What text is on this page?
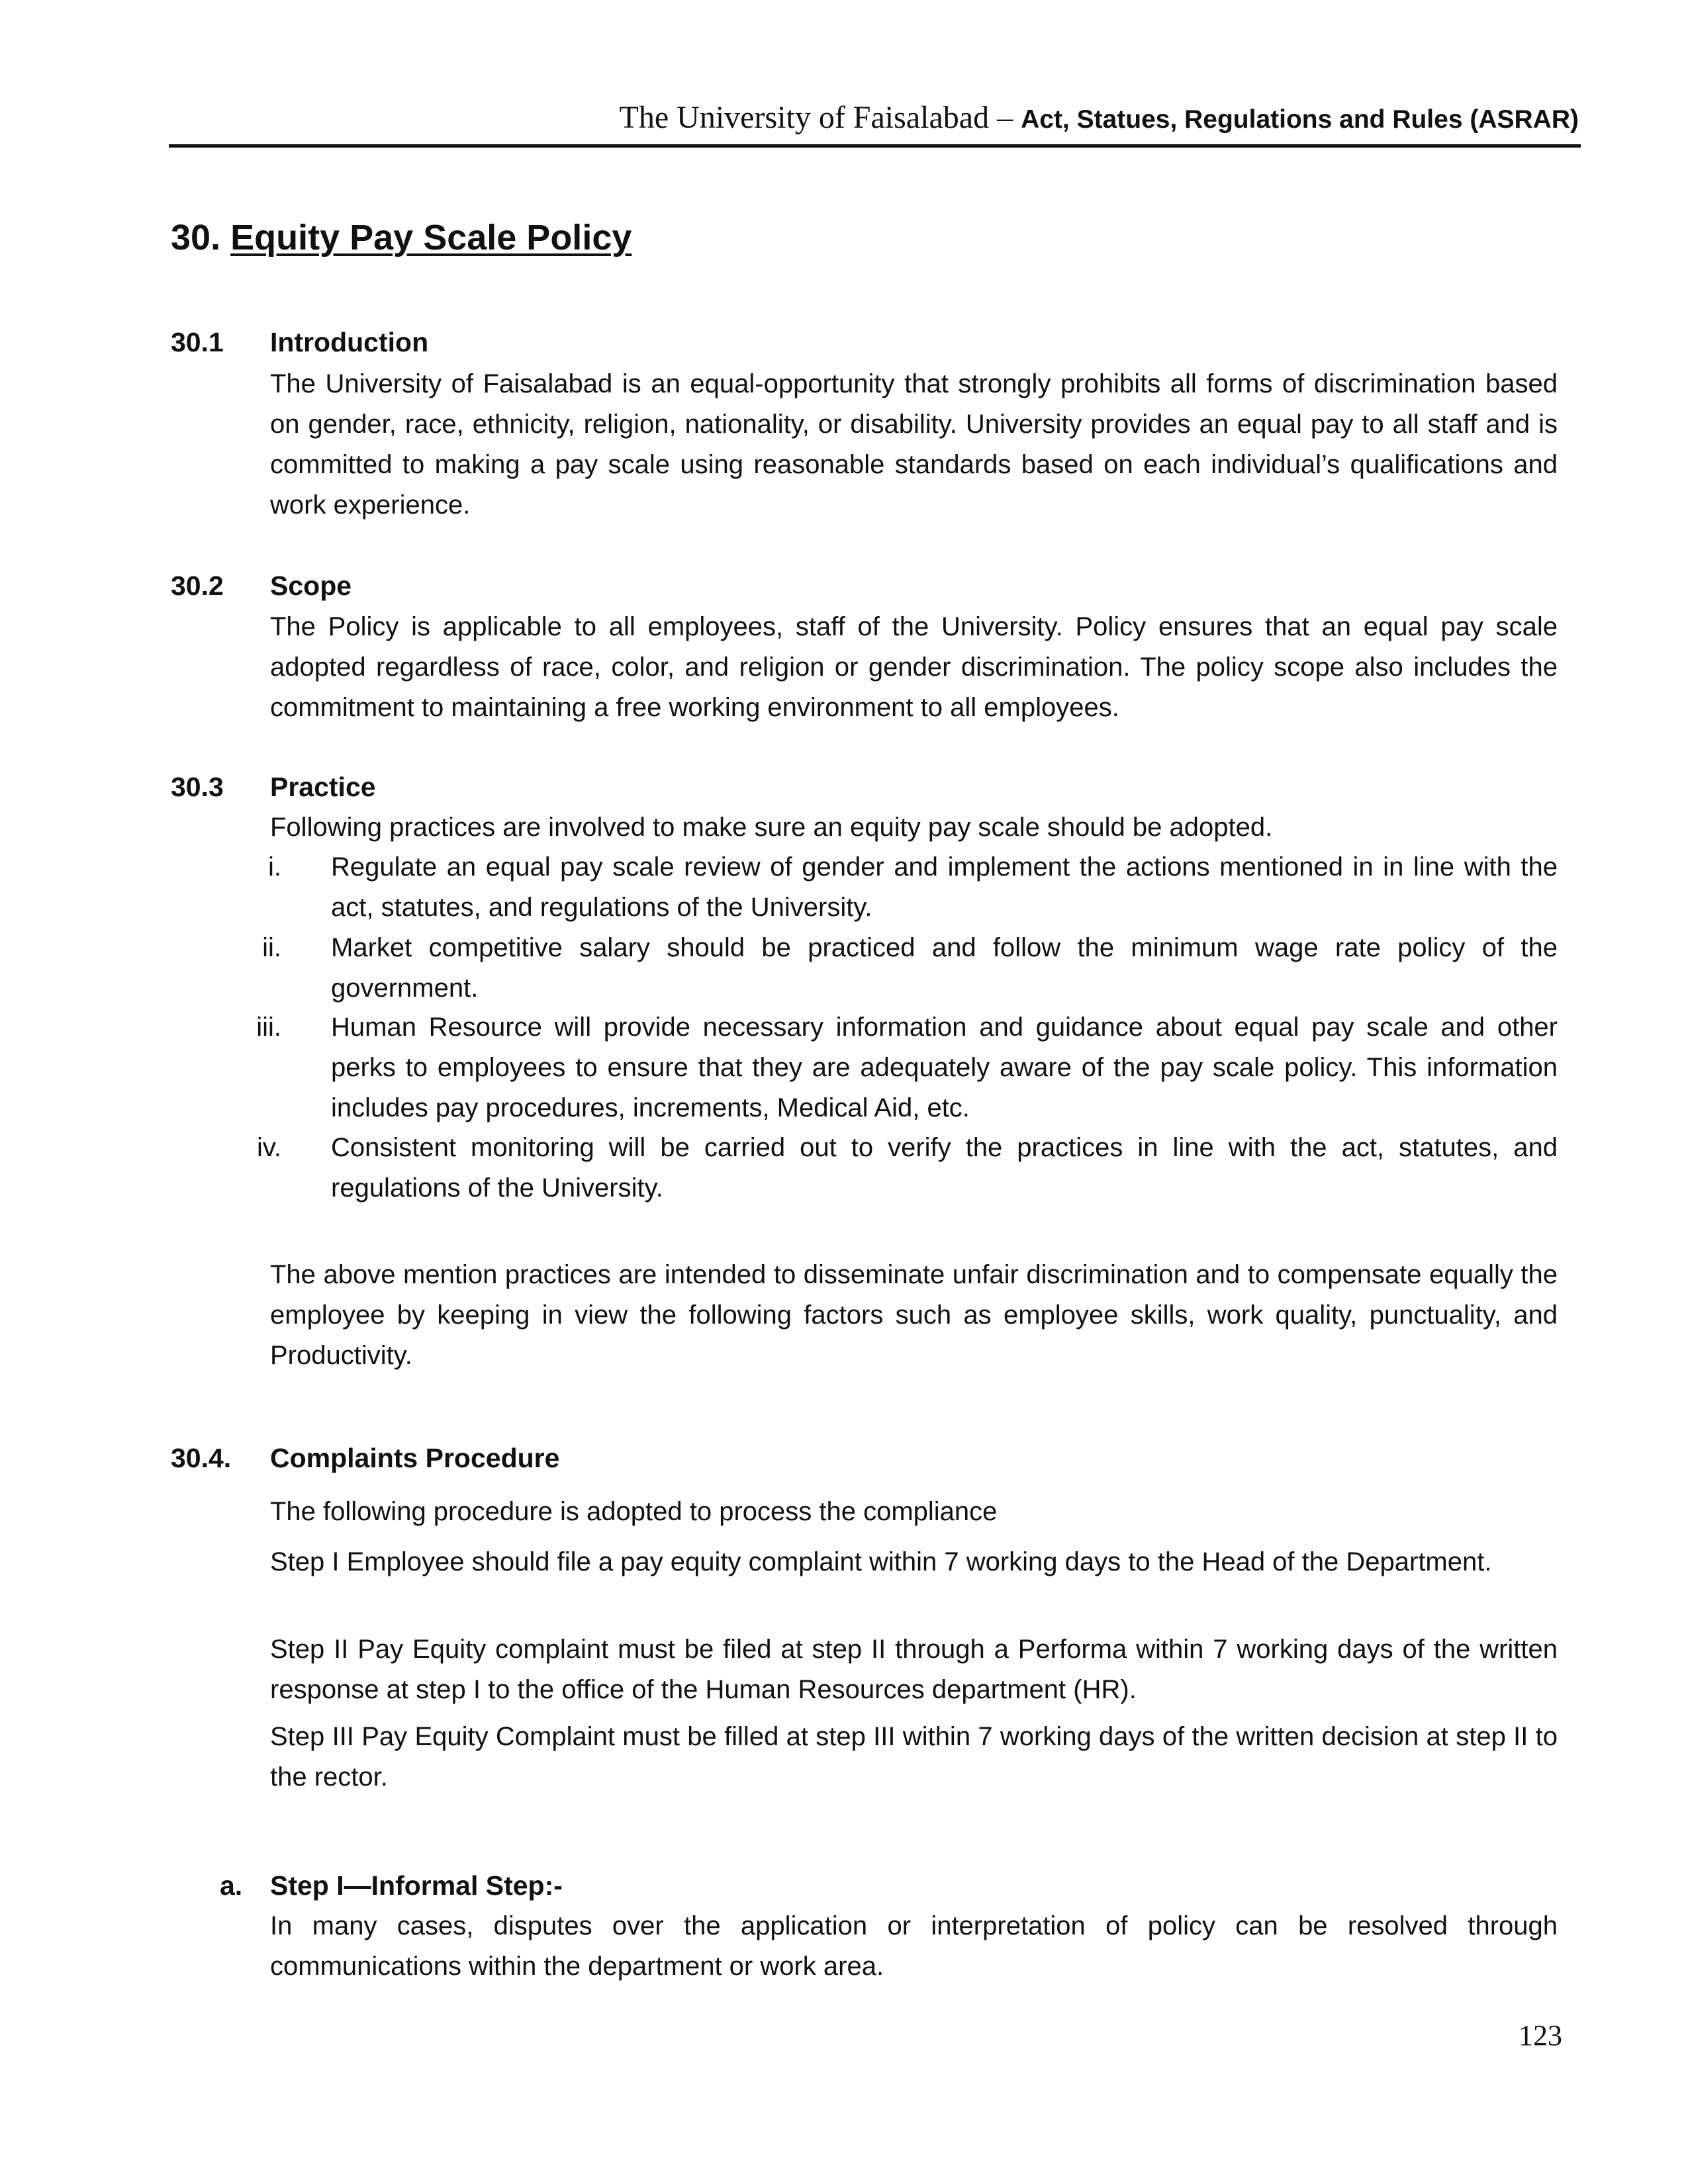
The University of Faisalabad – Act, Statues, Regulations and Rules (ASRAR)
30. Equity Pay Scale Policy
30.1 Introduction

The University of Faisalabad is an equal-opportunity that strongly prohibits all forms of discrimination based on gender, race, ethnicity, religion, nationality, or disability. University provides an equal pay to all staff and is committed to making a pay scale using reasonable standards based on each individual’s qualifications and work experience.

30.2 Scope

The Policy is applicable to all employees, staff of the University. Policy ensures that an equal pay scale adopted regardless of race, color, and religion or gender discrimination. The policy scope also includes the commitment to maintaining a free working environment to all employees.

30.3 Practice

Following practices are involved to make sure an equity pay scale should be adopted.

i. Regulate an equal pay scale review of gender and implement the actions mentioned in in line with the act, statutes, and regulations of the University.

ii. Market competitive salary should be practiced and follow the minimum wage rate policy of the government.

iii. Human Resource will provide necessary information and guidance about equal pay scale and other perks to employees to ensure that they are adequately aware of the pay scale policy. This information includes pay procedures, increments, Medical Aid, etc.

iv. Consistent monitoring will be carried out to verify the practices in line with the act, statutes, and regulations of the University.

The above mention practices are intended to disseminate unfair discrimination and to compensate equally the employee by keeping in view the following factors such as employee skills, work quality, punctuality, and Productivity.

30.4. Complaints Procedure

The following procedure is adopted to process the compliance

Step I Employee should file a pay equity complaint within 7 working days to the Head of the Department.

Step II Pay Equity complaint must be filed at step II through a Performa within 7 working days of the written response at step I to the office of the Human Resources department (HR).

Step III Pay Equity Complaint must be filled at step III within 7 working days of the written decision at step II to the rector.

a. Step I—Informal Step:-

In many cases, disputes over the application or interpretation of policy can be resolved through communications within the department or work area.

123
